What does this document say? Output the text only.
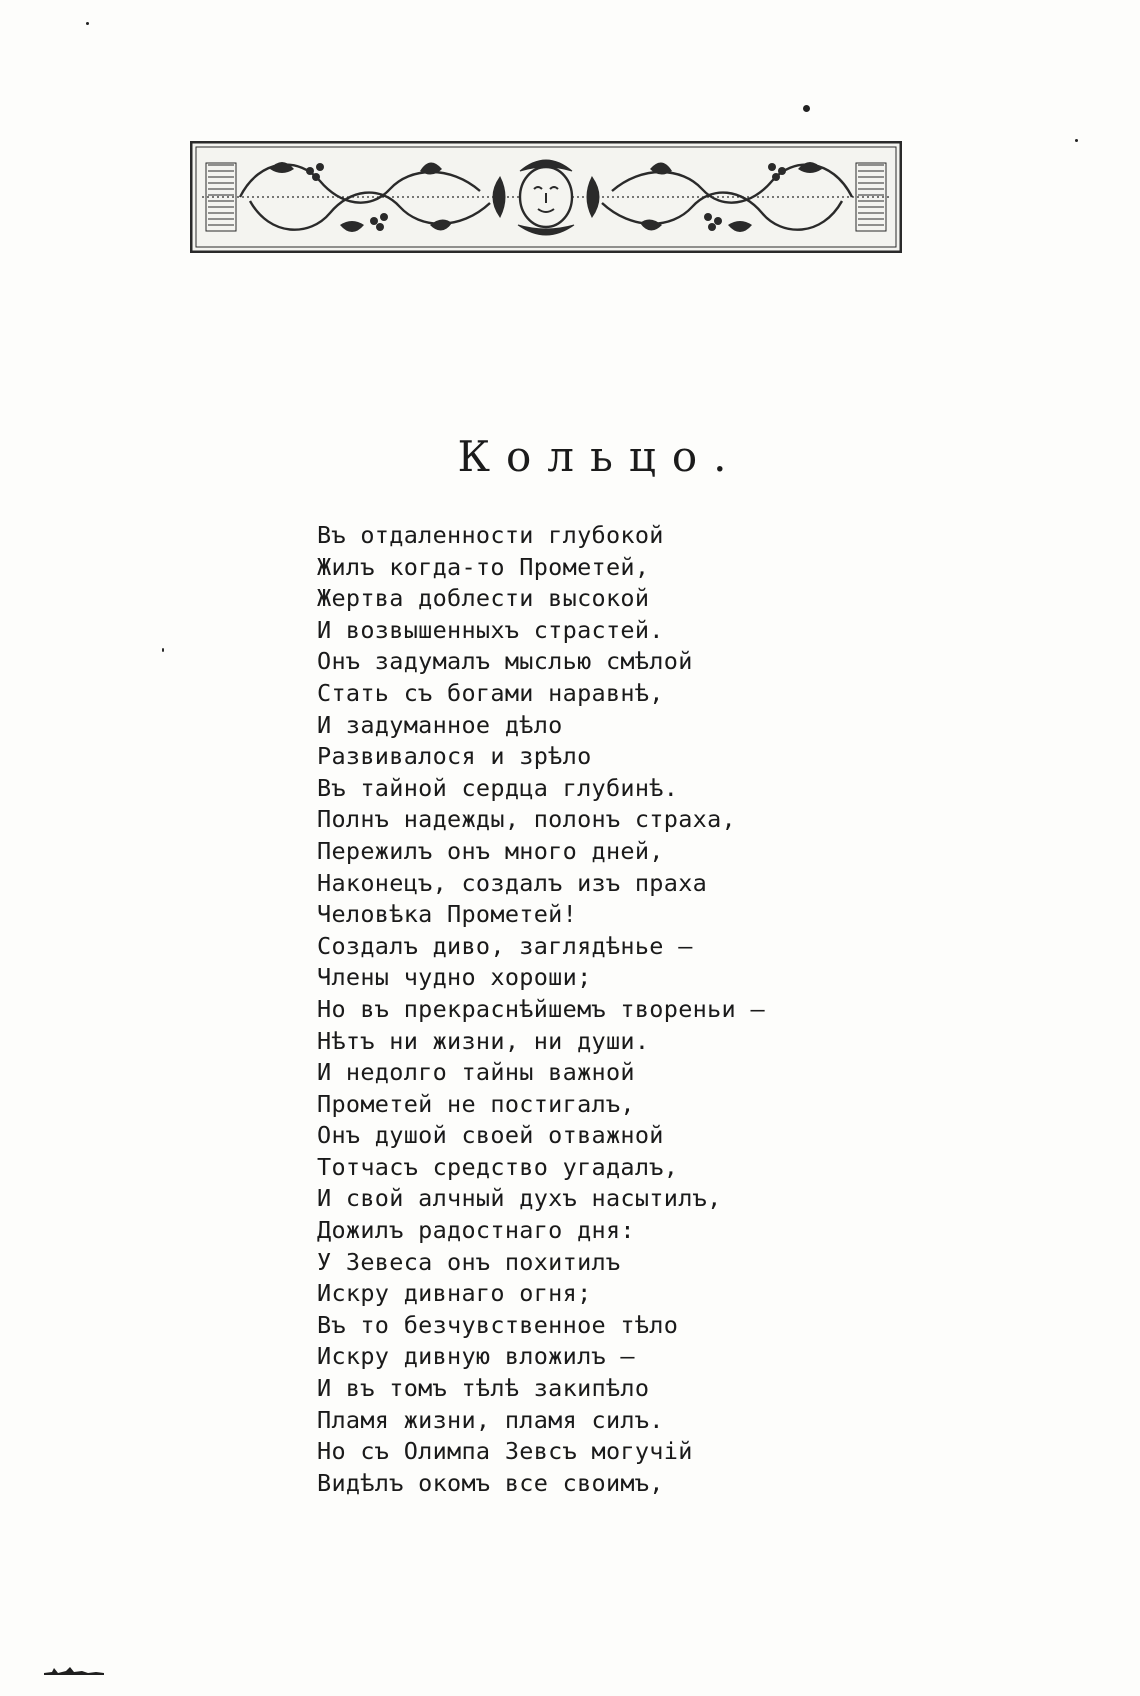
Кольцо.
Въ отдаленности глубокой
Жилъ когда-то Прометей,
Жертва доблести высокой
И возвышенныхъ страстей.
Онъ задумалъ мыслью смѣлой
Стать съ богами наравнѣ,
И задуманное дѣло
Развивалося и зрѣло
Въ тайной сердца глубинѣ.
Полнъ надежды, полонъ страха,
Пережилъ онъ много дней,
Наконецъ, создалъ изъ праха
Человѣка Прометей!
Создалъ диво, заглядѣнье —
Члены чудно хороши;
Но въ прекраснѣйшемъ твореньи —
Нѣтъ ни жизни, ни души.
И недолго тайны важной
Прометей не постигалъ,
Онъ душой своей отважной
Тотчасъ средство угадалъ,
И свой алчный духъ насытилъ,
Дожилъ радостнаго дня:
У Зевеса онъ похитилъ
Искру дивнаго огня;
Въ то безчувственное тѣло
Искру дивную вложилъ —
И въ томъ тѣлѣ закипѣло
Пламя жизни, пламя силъ.
Но съ Олимпа Зевсъ могучій
Видѣлъ окомъ все своимъ,
